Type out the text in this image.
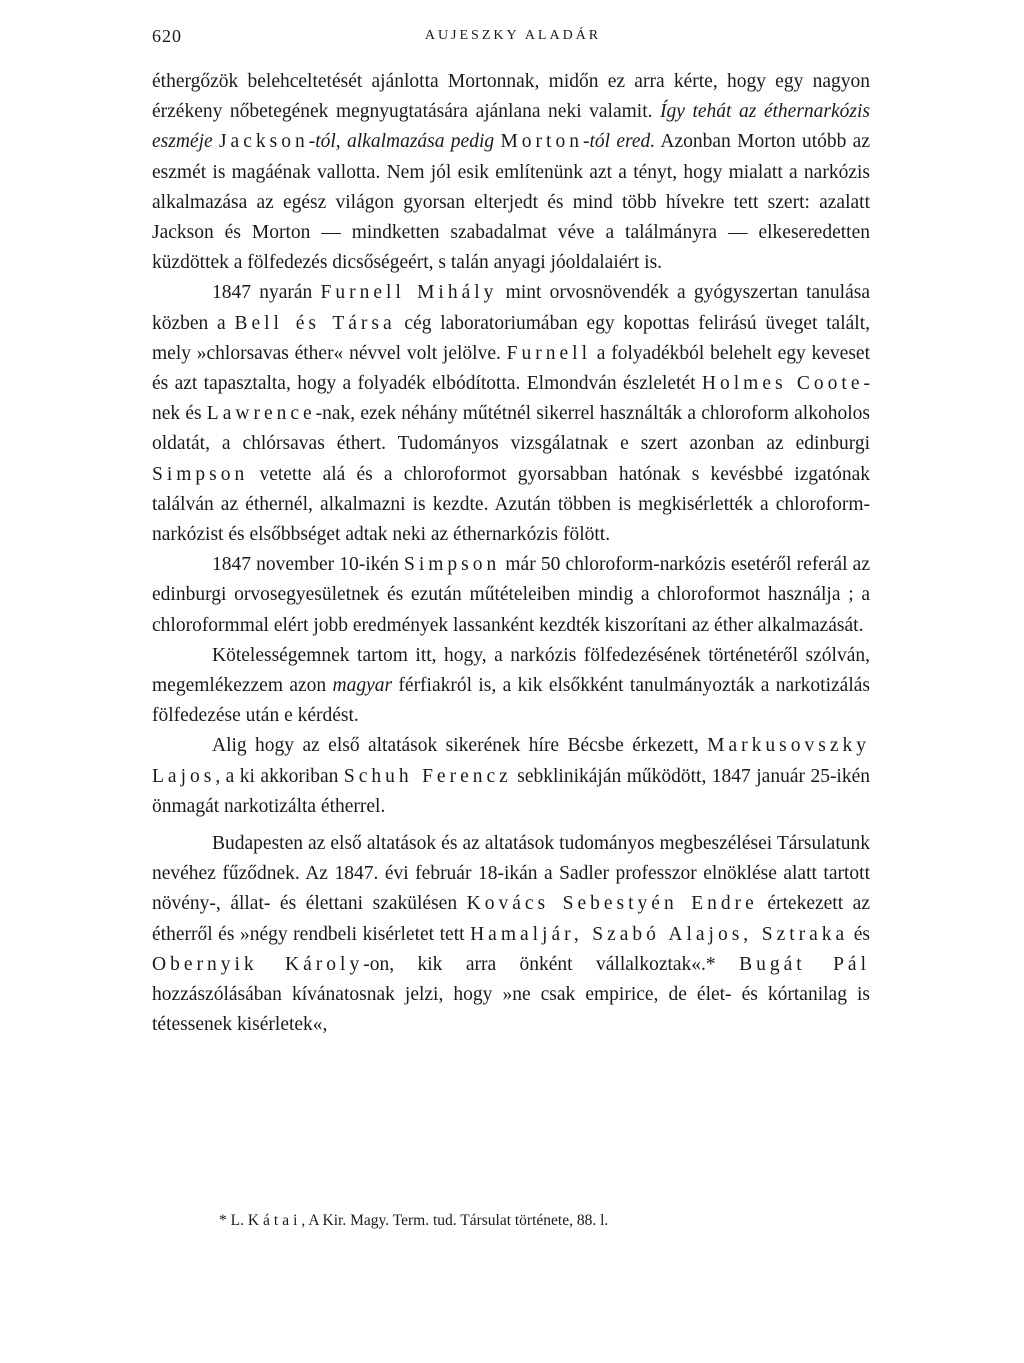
620	AUJESZKY ALADÁR

éthergőzök belehceltetését ajánlotta Mortonnak, midőn ez arra kérte, hogy egy nagyon érzékeny nőbetegének megnyugtatására ajánlana neki valamit. Így tehát az éthernarkózis eszméje Jackson-tól, alkalmazása pedig Morton-tól ered. Azonban Morton utóbb az eszmét is magáénak vallotta. Nem jól esik említenünk azt a tényt, hogy mialatt a narkózis alkalmazása az egész világon gyorsan elterjedt és mind több hívekre tett szert: azalatt Jackson és Morton — mindketten szabadalmat véve a találmányra — elkeseredetten küzdöttek a fölfedezés dicsőségeért, s talán anyagi jóoldalaiért is.

1847 nyarán Furnell Mihály mint orvosnövendék a gyógyszertan tanulása közben a Bell és Társa cég laboratoriumában egy kopottas felirású üveget talált, mely »chlorsavas éther« névvel volt jelölve. Furnell a folyadékból belehelt egy keveset és azt tapasztalta, hogy a folyadék elbódította. Elmondván észleletét Holmes Coote-nek és Lawrence-nak, ezek néhány műtétnél sikerrel használták a chloroform alkoholos oldatát, a chlórsavas éthert. Tudományos vizsgálatnak e szert azonban az edinburgi Simpson vetette alá és a chloroformot gyorsabban hatónak s kevésbbé izgatónak találván az éthernél, alkalmazni is kezdte. Azután többen is megkisérlették a chloroform-narkózist és elsőbbséget adtak neki az éthernarkózis fölött.

1847 november 10-ikén Simpson már 50 chloroform-narkózis esetéről referál az edinburgi orvosegyesületnek és ezután műtételeiben mindig a chloroformot használja ; a chloroformmal elért jobb eredmények lassanként kezdték kiszorítani az éther alkalmazását.

Kötelességemnek tartom itt, hogy, a narkózis fölfedezésének történetéről szólván, megemlékezzem azon magyar férfiakról is, a kik elsőkként tanulmányozták a narkotizálás fölfedezése után e kérdést.

Alig hogy az első altatások sikerének híre Bécsbe érkezett, Markusovszky Lajos, a ki akkoriban Schuh Ferencz sebklinikáján működött, 1847 január 25-ikén önmagát narkotizálta étherrel.

Budapesten az első altatások és az altatások tudományos megbeszélései Társulatunk nevéhez fűződnek. Az 1847. évi február 18-ikán a Sadler professzor elnöklése alatt tartott növény-, állat- és élettani szakülésen Kovács Sebestyén Endre értekezett az étherről és »négy rendbeli kisérletet tett Hamaljár, Szabó Alajos, Sztraka és Obernyik Károly-on, kik arra önként vállalkoztak«.* Bugát Pál hozzászólásában kívánatosnak jelzi, hogy »ne csak empirice, de élet- és kórtanilag is tétessenek kisérletek«,

* L. Kátai, A Kir. Magy. Term. tud. Társulat története, 88. l.
